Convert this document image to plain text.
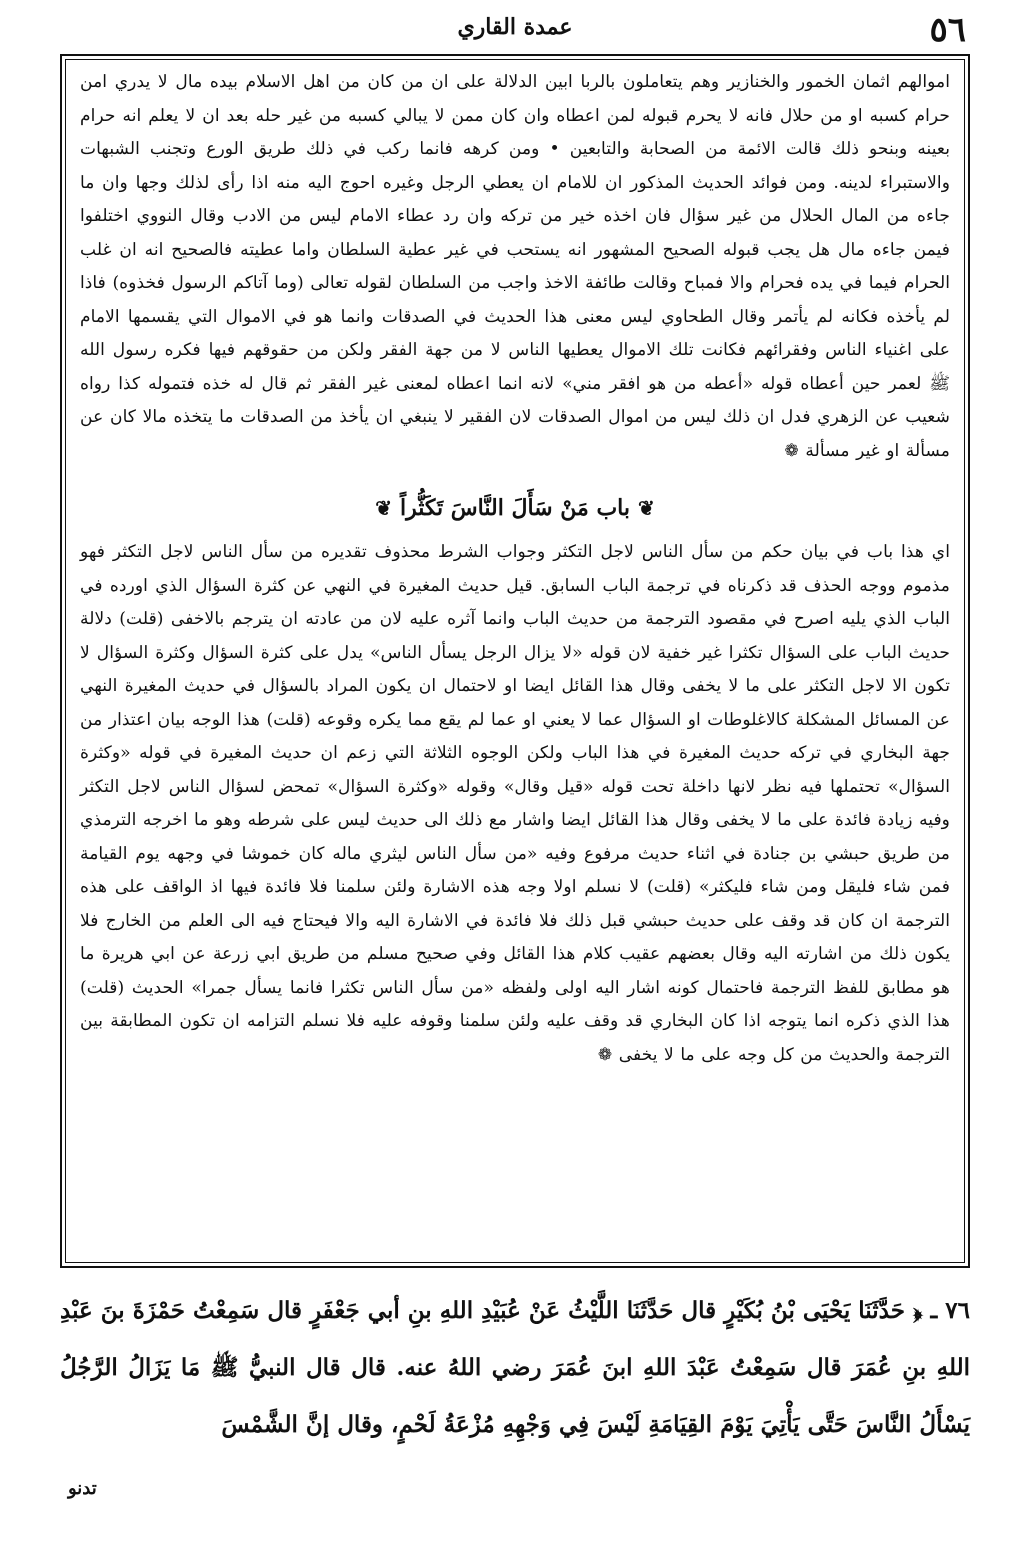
٥٦
عمدة القاري

اموالهم اثمان الخمور والخنازير وهم يتعاملون بالربا ابين الدلالة على ان من كان من اهل الاسلام بيده مال لا يدري امن حرام كسبه او من حلال فانه لا يحرم قبوله لمن اعطاه وان كان ممن لا يبالي كسبه من غير حله بعد ان لا يعلم انه حرام بعينه وبنحو ذلك قالت الائمة من الصحابة والتابعين • ومن كرهه فانما ركب في ذلك طريق الورع وتجنب الشبهات والاستبراء لدينه. ومن فوائد الحديث المذكور ان للامام ان يعطي الرجل وغيره احوج اليه منه اذا رأى لذلك وجها وان ما جاءه من المال الحلال من غير سؤال فان اخذه خير من تركه وان رد عطاء الامام ليس من الادب وقال النووي اختلفوا فيمن جاءه مال هل يجب قبوله الصحيح المشهور انه يستحب في غير عطية السلطان واما عطيته فالصحيح انه ان غلب الحرام فيما في يده فحرام والا فمباح وقالت طائفة الاخذ واجب من السلطان لقوله تعالى (وما آتاكم الرسول فخذوه) فاذا لم يأخذه فكانه لم يأتمر وقال الطحاوي ليس معنى هذا الحديث في الصدقات وانما هو في الاموال التي يقسمها الامام على اغنياء الناس وفقرائهم فكانت تلك الاموال يعطيها الناس لا من جهة الفقر ولكن من حقوقهم فيها فكره رسول الله ﷺ لعمر حين أعطاه قوله «أعطه من هو افقر مني» لانه انما اعطاه لمعنى غير الفقر ثم قال له خذه فتموله كذا رواه شعيب عن الزهري فدل ان ذلك ليس من اموال الصدقات لان الفقير لا ينبغي ان يأخذ من الصدقات ما يتخذه مالا كان عن مسألة او غير مسألة ❁

❦باب مَنْ سَأَلَ النَّاسَ تَكَثُّراً❦

اي هذا باب في بيان حكم من سأل الناس لاجل التكثر وجواب الشرط محذوف تقديره من سأل الناس لاجل التكثر فهو مذموم ووجه الحذف قد ذكرناه في ترجمة الباب السابق. قيل حديث المغيرة في النهي عن كثرة السؤال الذي اورده في الباب الذي يليه اصرح في مقصود الترجمة من حديث الباب وانما آثره عليه لان من عادته ان يترجم بالاخفى (قلت) دلالة حديث الباب على السؤال تكثرا غير خفية لان قوله «لا يزال الرجل يسأل الناس» يدل على كثرة السؤال وكثرة السؤال لا تكون الا لاجل التكثر على ما لا يخفى وقال هذا القائل ايضا او لاحتمال ان يكون المراد بالسؤال في حديث المغيرة النهي عن المسائل المشكلة كالاغلوطات او السؤال عما لا يعني او عما لم يقع مما يكره وقوعه (قلت) هذا الوجه بيان اعتذار من جهة البخاري في تركه حديث المغيرة في هذا الباب ولكن الوجوه الثلاثة التي زعم ان حديث المغيرة في قوله «وكثرة السؤال» تحتملها فيه نظر لانها داخلة تحت قوله «قيل وقال» وقوله «وكثرة السؤال» تمحض لسؤال الناس لاجل التكثر وفيه زيادة فائدة على ما لا يخفى وقال هذا القائل ايضا واشار مع ذلك الى حديث ليس على شرطه وهو ما اخرجه الترمذي من طريق حبشي بن جنادة في اثناء حديث مرفوع وفيه «من سأل الناس ليثري ماله كان خموشا في وجهه يوم القيامة فمن شاء فليقل ومن شاء فليكثر» (قلت) لا نسلم اولا وجه هذه الاشارة ولئن سلمنا فلا فائدة فيها اذ الواقف على هذه الترجمة ان كان قد وقف على حديث حبشي قبل ذلك فلا فائدة في الاشارة اليه والا فيحتاج فيه الى العلم من الخارج فلا يكون ذلك من اشارته اليه وقال بعضهم عقيب كلام هذا القائل وفي صحيح مسلم من طريق ابي زرعة عن ابي هريرة ما هو مطابق للفظ الترجمة فاحتمال كونه اشار اليه اولى ولفظه «من سأل الناس تكثرا فانما يسأل جمرا» الحديث (قلت) هذا الذي ذكره انما يتوجه اذا كان البخاري قد وقف عليه ولئن سلمنا وقوفه عليه فلا نسلم التزامه ان تكون المطابقة بين الترجمة والحديث من كل وجه على ما لا يخفى ❁

٧٦ ـ ﴿ حَدَّثَنَا يَحْيَى بْنُ بُكَيْرٍ قال حَدَّثَنَا اللَّيْثُ عَنْ عُبَيْدِ اللهِ بنِ أبي جَعْفَرٍ قال سَمِعْتُ حَمْزَةَ بنَ عَبْدِ اللهِ بنِ عُمَرَ قال سَمِعْتُ عَبْدَ اللهِ ابنَ عُمَرَ رضي اللهُ عنه. قال قال النبيُّ ﷺ مَا يَزَالُ الرَّجُلُ يَسْأَلُ النَّاسَ حَتَّى يَأْتِيَ يَوْمَ القِيَامَةِ لَيْسَ فِي وَجْهِهِ مُزْعَةُ لَحْمٍ، وقال إنَّ الشَّمْسَ

تدنو
